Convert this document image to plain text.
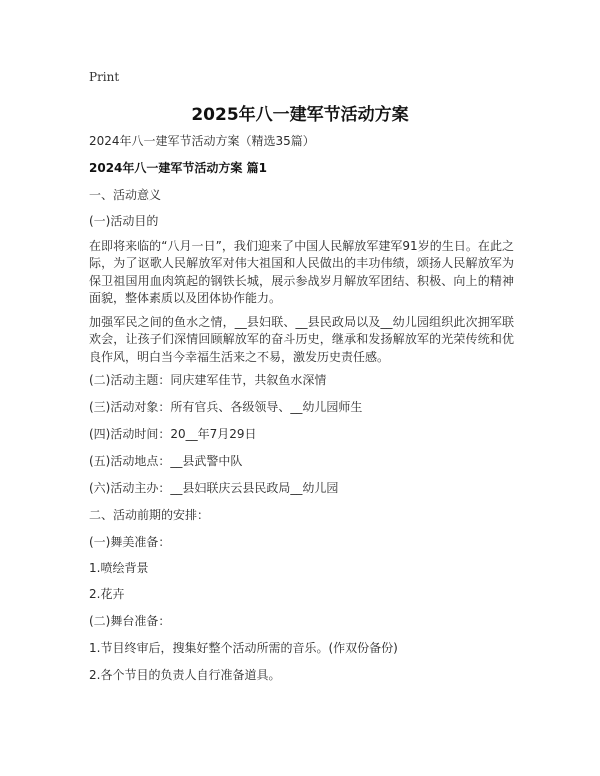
Print
2025年八一建军节活动方案

2024年八一建军节活动方案（精选35篇）

2024年八一建军节活动方案 篇1

一、活动意义

(一)活动目的

在即将来临的“八月一日”，我们迎来了中国人民解放军建军91岁的生日。在此之际，为了讴歌人民解放军对伟大祖国和人民做出的丰功伟绩，颂扬人民解放军为保卫祖国用血肉筑起的钢铁长城，展示参战岁月解放军团结、积极、向上的精神面貌，整体素质以及团体协作能力。

加强军民之间的鱼水之情，__县妇联、__县民政局以及__幼儿园组织此次拥军联欢会，让孩子们深情回顾解放军的奋斗历史，继承和发扬解放军的光荣传统和优良作风，明白当今幸福生活来之不易，激发历史责任感。

(二)活动主题：同庆建军佳节，共叙鱼水深情

(三)活动对象：所有官兵、各级领导、__幼儿园师生

(四)活动时间：20__年7月29日

(五)活动地点：__县武警中队

(六)活动主办：__县妇联庆云县民政局__幼儿园

二、活动前期的安排：

(一)舞美准备：

1.喷绘背景

2.花卉

(二)舞台准备：

1.节目终审后，搜集好整个活动所需的音乐。(作双份备份)

2.各个节目的负责人自行准备道具。
